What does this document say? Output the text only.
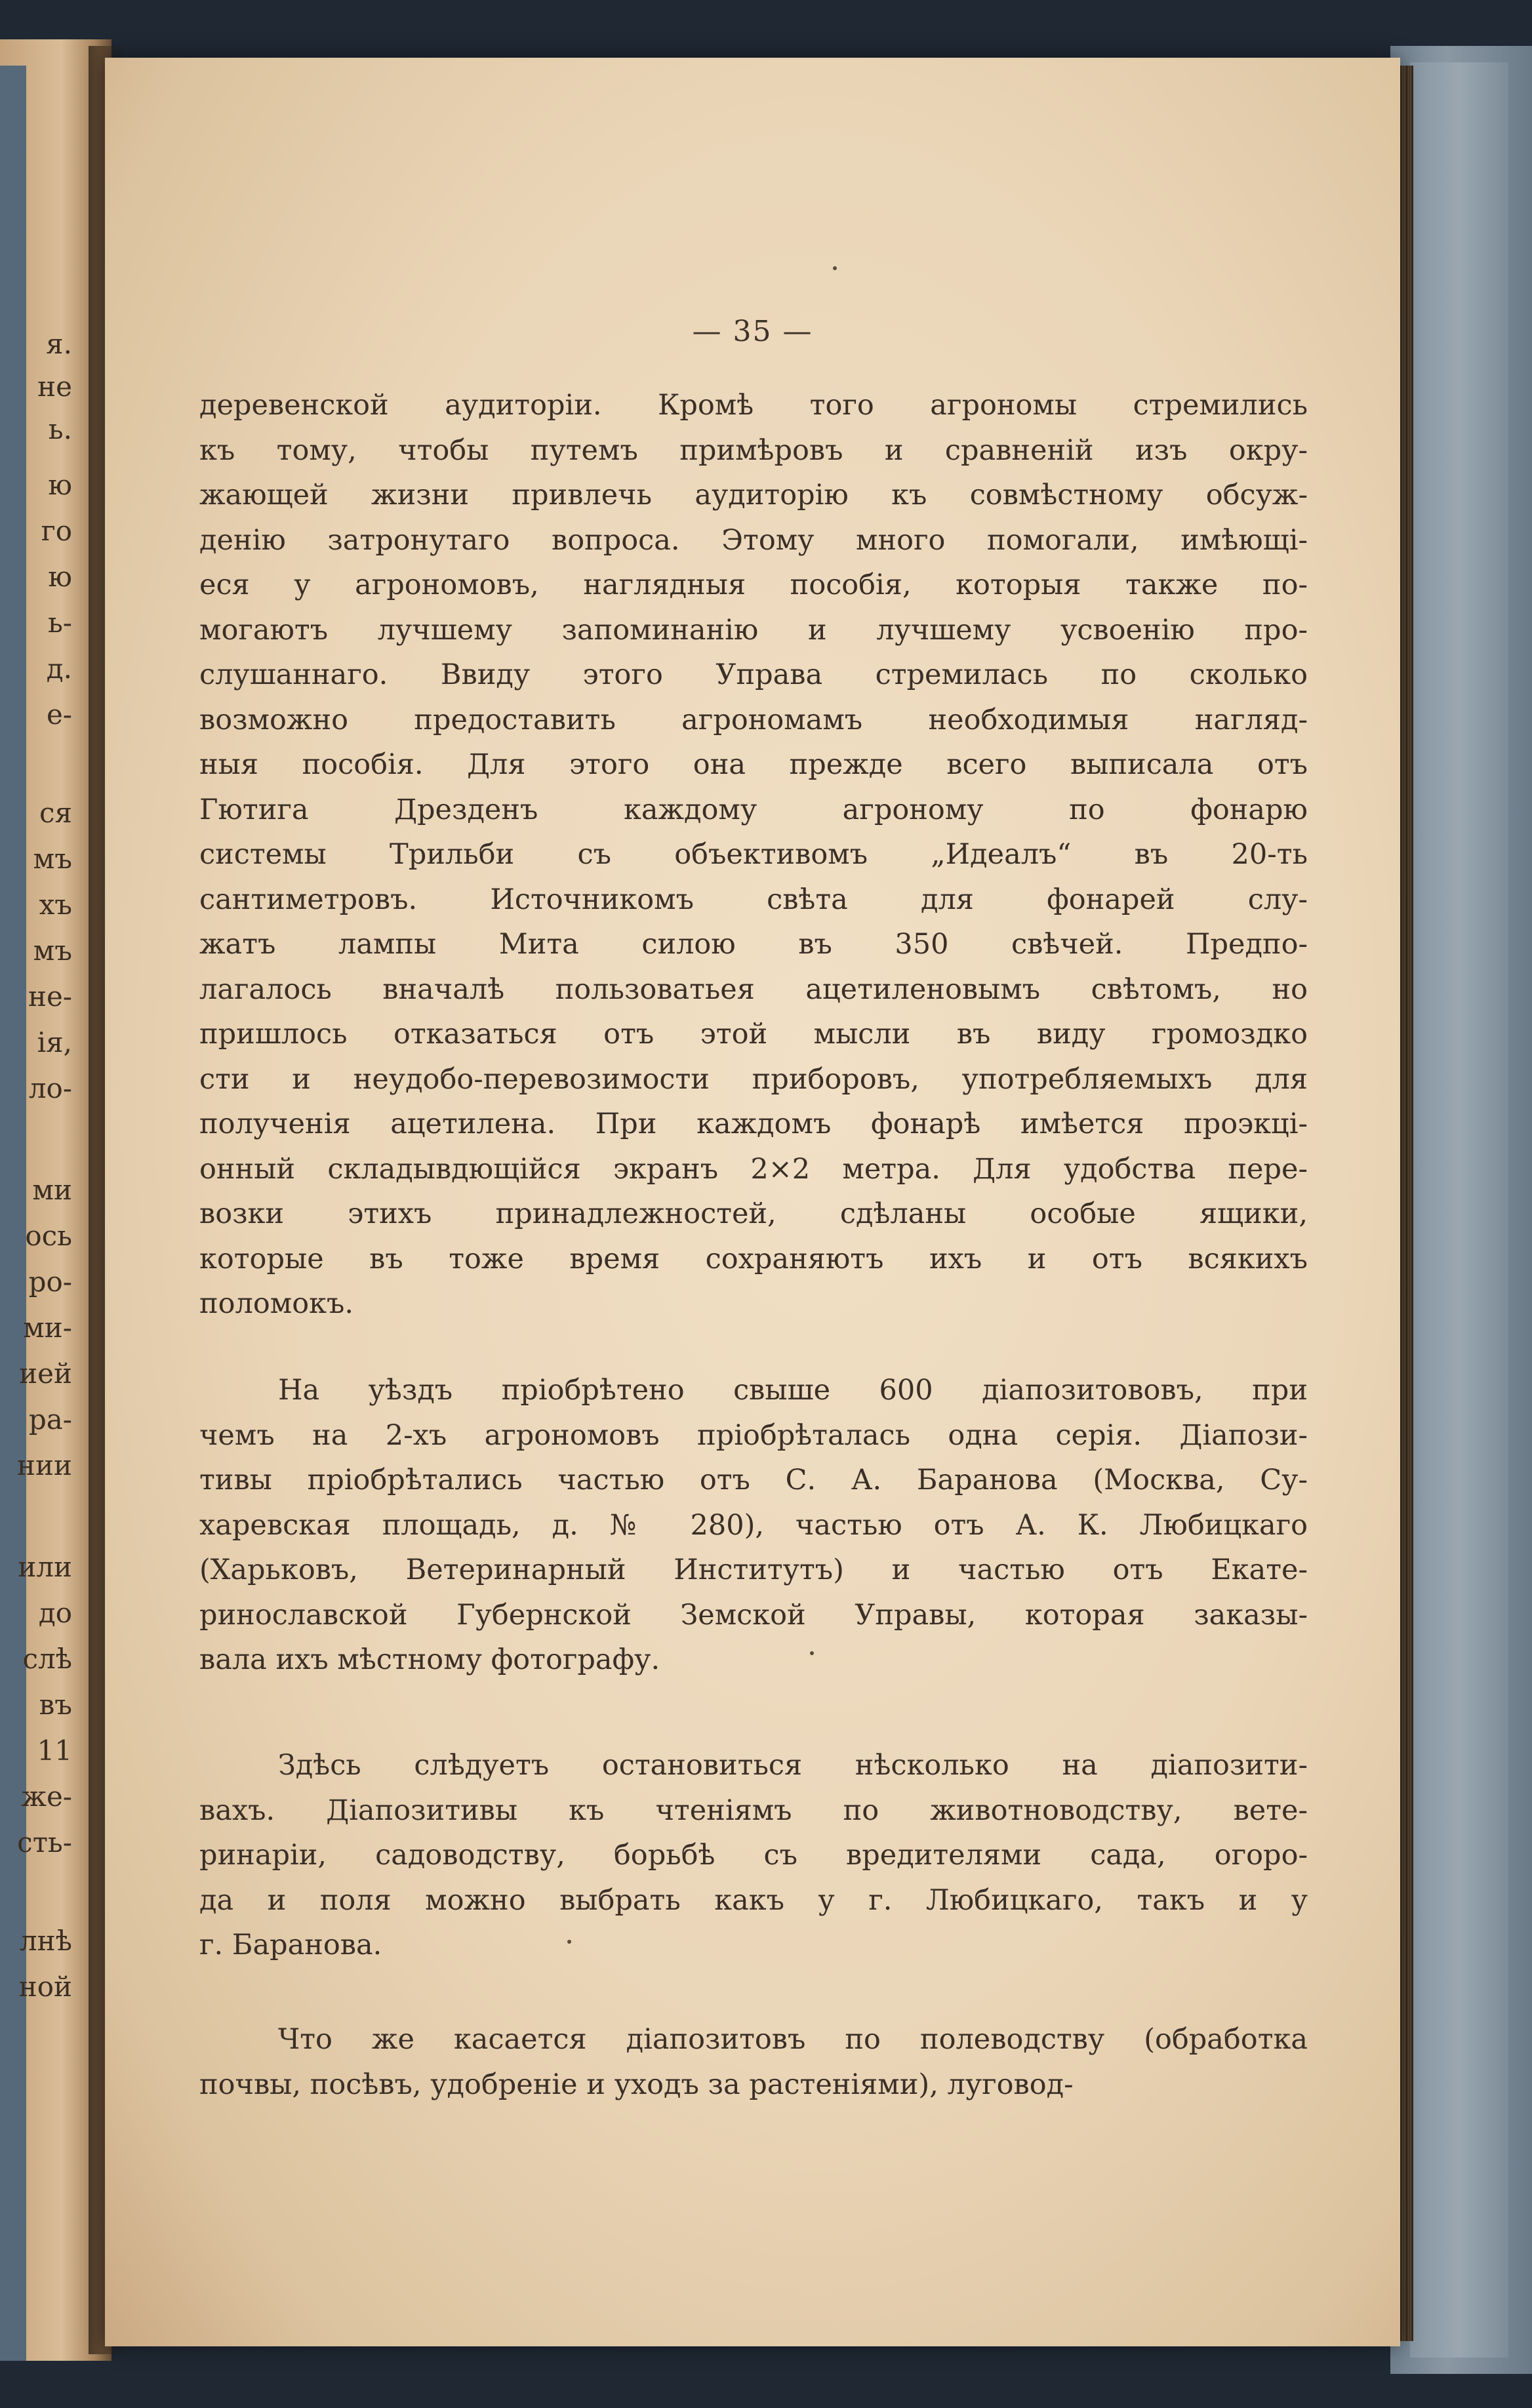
я.
не
ь.
ю
го
ю
ь-
д.
е-
ся
мъ
хъ
мъ
не-
ія,
ло-
ми
ось
ро-
ми-
ией
ра-
нии
или
до
слѣ
въ
11
же-
сть-
лнѣ
ной
— 35 —
деревенской аудиторіи. Кромѣ того агрономы стремились
къ тому, чтобы путемъ примѣровъ и сравненій изъ окру-
жающей жизни привлечь аудиторію къ совмѣстному обсуж-
денію затронутаго вопроса. Этому много помогали, имѣющі-
еся у агрономовъ, наглядныя пособія, которыя также по-
могаютъ лучшему запоминанію и лучшему усвоенію про-
слушаннаго. Ввиду этого Управа стремилась по сколько
возможно предоставить агрономамъ необходимыя нагляд-
ныя пособія. Для этого она прежде всего выписала отъ
Гютига Дрезденъ каждому агроному по фонарю
системы Трильби съ объективомъ „Идеалъ“ въ 20-ть
сантиметровъ. Источникомъ свѣта для фонарей слу-
жатъ лампы Мита силою въ 350 свѣчей. Предпо-
лагалось вначалѣ пользоватьея ацетиленовымъ свѣтомъ, но
пришлось отказаться отъ этой мысли въ виду громоздко
сти и неудобо-перевозимости приборовъ, употребляемыхъ для
полученія ацетилена. При каждомъ фонарѣ имѣется проэкці-
онный складывдющійся экранъ 2×2 метра. Для удобства пере-
возки этихъ принадлежностей, сдѣланы особые ящики,
которые въ тоже время сохраняютъ ихъ и отъ всякихъ
поломокъ.
На уѣздъ пріобрѣтено свыше 600 діапозитововъ, при
чемъ на 2-хъ агрономовъ пріобрѣталась одна серія. Діапози-
тивы пріобрѣтались частью отъ С. А. Баранова (Москва, Су-
харевская площадь, д. № 280), частью отъ А. К. Любицкаго
(Харьковъ, Ветеринарный Институтъ) и частью отъ Екате-
ринославской Губернской Земской Управы, которая заказы-
вала ихъ мѣстному фотографу.
Здѣсь слѣдуетъ остановиться нѣсколько на діапозити-
вахъ. Діапозитивы къ чтеніямъ по животноводству, вете-
ринаріи, садоводству, борьбѣ съ вредителями сада, огоро-
да и поля можно выбрать какъ у г. Любицкаго, такъ и у
г. Баранова.
Что же касается діапозитовъ по полеводству (обработка
почвы, посѣвъ, удобреніе и уходъ за растеніями), луговод-
